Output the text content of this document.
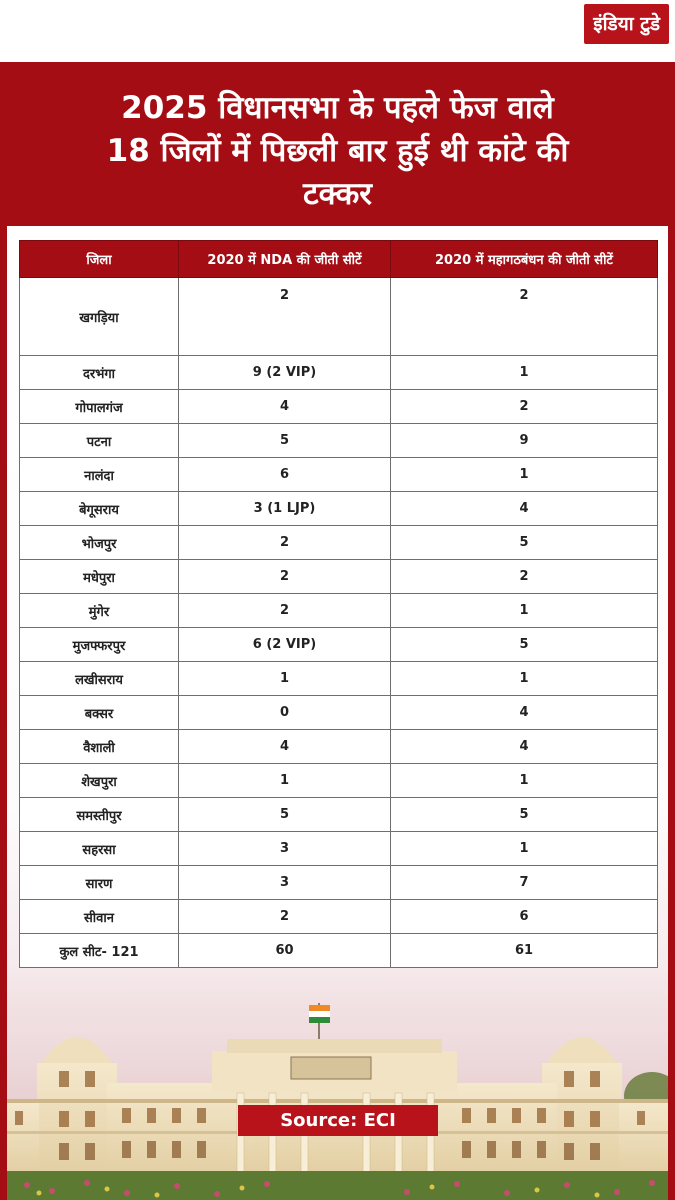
इंडिया टुडे
2025 विधानसभा के पहले फेज वाले
18 जिलों में पिछली बार हुई थी कांटे की
टक्कर
जिला	2020 में NDA की जीती सीटें	2020 में महागठबंधन की जीती सीटें
खगड़िया	2	2
दरभंगा	9 (2 VIP)	1
गोपालगंज	4	2
पटना	5	9
नालंदा	6	1
बेगूसराय	3 (1 LJP)	4
भोजपुर	2	5
मधेपुरा	2	2
मुंगेर	2	1
मुजफ्फरपुर	6 (2 VIP)	5
लखीसराय	1	1
बक्सर	0	4
वैशाली	4	4
शेखपुरा	1	1
समस्तीपुर	5	5
सहरसा	3	1
सारण	3	7
सीवान	2	6
कुल सीट- 121	60	61
Source: ECI
